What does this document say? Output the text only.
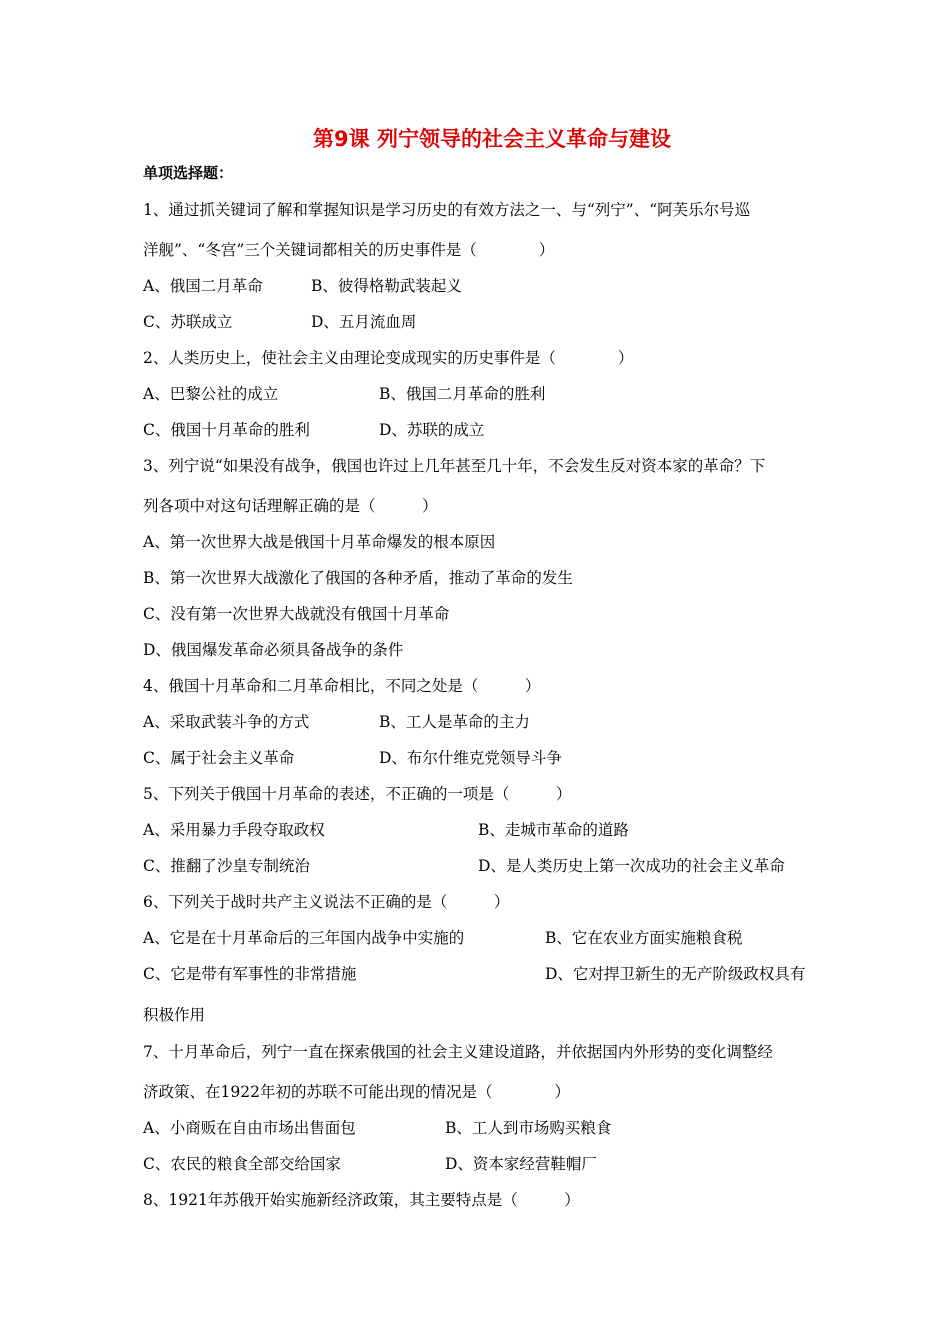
第9课 列宁领导的社会主义革命与建设
单项选择题：
1、通过抓关键词了解和掌握知识是学习历史的有效方法之一、与“列宁”、“阿芙乐尔号巡
洋舰”、“冬宫”三个关键词都相关的历史事件是（　　　　）
A、俄国二月革命	B、彼得格勒武装起义
C、苏联成立	D、五月流血周
2、人类历史上，使社会主义由理论变成现实的历史事件是（　　　　）
A、巴黎公社的成立	B、俄国二月革命的胜利
C、俄国十月革命的胜利	D、苏联的成立
3、列宁说“如果没有战争，俄国也许过上几年甚至几十年，不会发生反对资本家的革命？下
列各项中对这句话理解正确的是（　　　）
A、第一次世界大战是俄国十月革命爆发的根本原因
B、第一次世界大战激化了俄国的各种矛盾，推动了革命的发生
C、没有第一次世界大战就没有俄国十月革命
D、俄国爆发革命必须具备战争的条件
4、俄国十月革命和二月革命相比，不同之处是（　　　）
A、采取武装斗争的方式	B、工人是革命的主力
C、属于社会主义革命	D、布尔什维克党领导斗争
5、下列关于俄国十月革命的表述，不正确的一项是（　　　）
A、采用暴力手段夺取政权	B、走城市革命的道路
C、推翻了沙皇专制统治	D、是人类历史上第一次成功的社会主义革命
6、下列关于战时共产主义说法不正确的是（　　　）
A、它是在十月革命后的三年国内战争中实施的	B、它在农业方面实施粮食税
C、它是带有军事性的非常措施	D、它对捍卫新生的无产阶级政权具有
积极作用
7、十月革命后，列宁一直在探索俄国的社会主义建设道路，并依据国内外形势的变化调整经
济政策、在1922年初的苏联不可能出现的情况是（　　　　）
A、小商贩在自由市场出售面包	B、工人到市场购买粮食
C、农民的粮食全部交给国家	D、资本家经营鞋帽厂
8、1921年苏俄开始实施新经济政策，其主要特点是（　　　）
